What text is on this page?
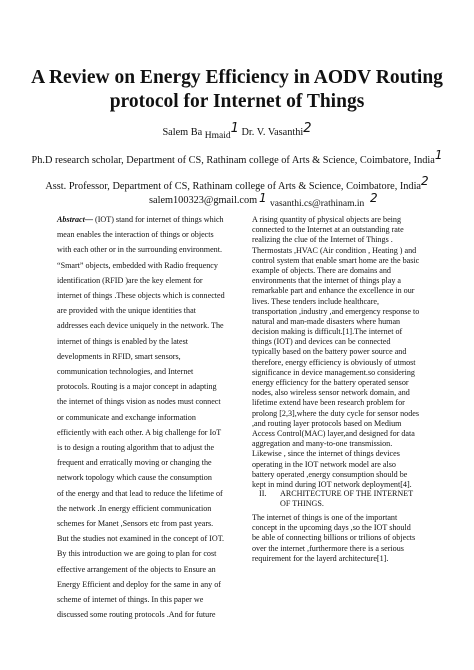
A Review on Energy Efficiency in AODV Routing
protocol for Internet of Things
Salem Ba Hmaid1 Dr. V. Vasanthi2
Ph.D research scholar, Department of CS, Rathinam college of Arts & Science, Coimbatore, India1
Asst. Professor, Department of CS, Rathinam college of Arts & Science, Coimbatore, India2
salem100323@gmail.com 1 vasanthi.cs@rathinam.in 2

Abstract— (IOT) stand for internet of things which

mean enables the interaction of things or objects

with each other or in the surrounding environment.

“Smart” objects, embedded with Radio frequency

identification (RFID )are the key element for

internet of things .These objects which is connected

are provided with the unique identities that

addresses each device uniquely in the network. The

internet of things is enabled by the latest

developments in RFID, smart sensors,

communication technologies, and Internet

protocols. Routing is a major concept in adapting

the internet of things vision as nodes must connect

or communicate and exchange information

efficiently with each other. A big challenge for IoT

is to design a routing algorithm that to adjust the

frequent and erratically moving or changing the

network topology which cause the consumption

of the energy and that lead to reduce the lifetime of

the network .In energy efficient communication

schemes for Manet ,Sensors etc from past years.

But the studies not examined in the concept of IOT.

By this introduction we are going to plan for cost

effective arrangement of the objects to Ensure an

Energy Efficient and deploy for the same in any of

scheme of internet of things. In this paper we

discussed some routing protocols .And for future

A rising quantity of physical objects are being

connected to the Internet at an outstanding rate

realizing the clue of the Internet of Things .

Thermostats ,HVAC (Air condition , Heating ) and

control system that enable smart home are the basic

example of objects. There are domains and

environments that the internet of things play a

remarkable part and enhance the excellence in our

lives. These tenders include healthcare,

transportation ,industry ,and emergency response to

natural and man-made disasters where human

decision making is difficult.[1].The internet of

things (IOT) and devices can be connected

typically based on the battery power source and

therefore, energy efficiency is obviously of utmost

significance in device management.so considering

energy efficiency for the battery operated sensor

nodes, also wireless sensor network domain, and

lifetime extend have been research problem for

prolong [2,3],where the duty cycle for sensor nodes

,and routing layer protocols based on Medium

Access Control(MAC) layer,and designed for data

aggregation and many-to-one transmission.

Likewise , since the internet of things devices

operating in the IOT network model are also

battery operated ,energy consumption should be

kept in mind during IOT network deployment[4].

II. ARCHITECTURE OF THE INTERNET
OF THINGS.

The internet of things is one of the important

concept in the upcoming days ,so the IOT should

be able of connecting billions or trilions of objects

over the internet ,furthermore there is a serious

requirement for the layerd architecture[1].
